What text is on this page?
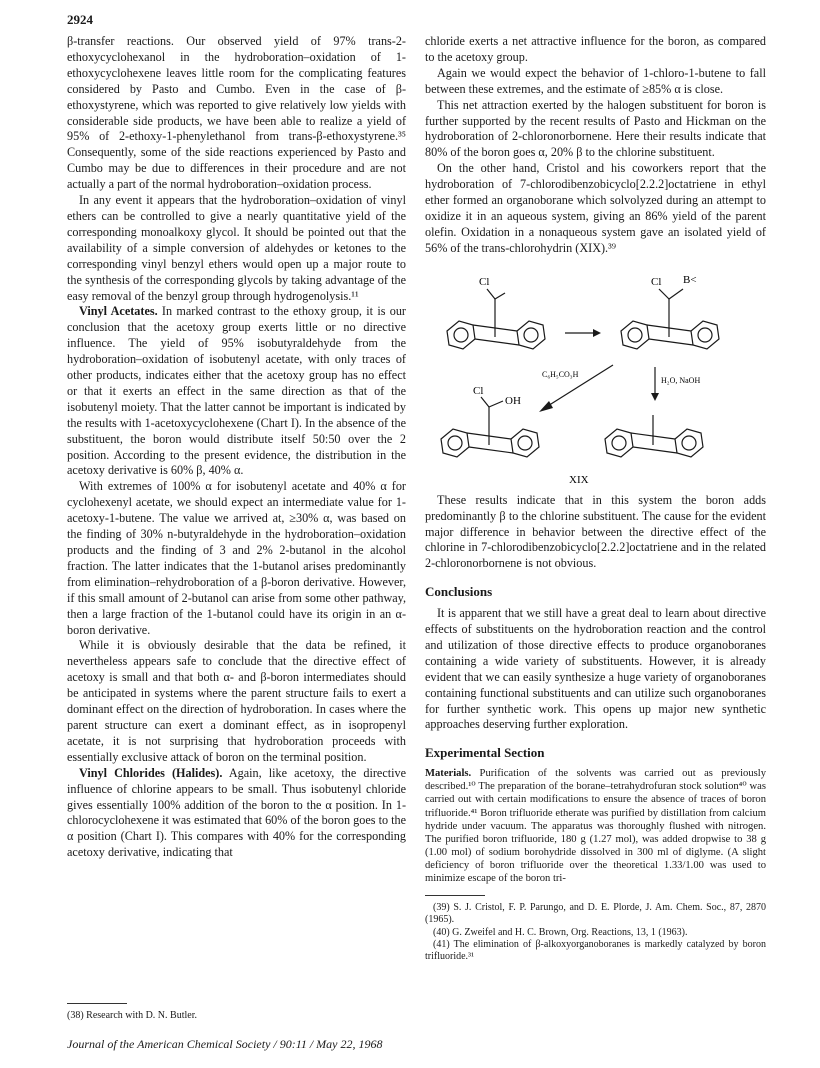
2924

β-transfer reactions. Our observed yield of 97% trans-2-ethoxycyclohexanol in the hydroboration–oxidation of 1-ethoxycyclohexene leaves little room for the complicating features considered by Pasto and Cumbo. Even in the case of β-ethoxystyrene, which was reported to give relatively low yields with considerable side products, we have been able to realize a yield of 95% of 2-ethoxy-1-phenylethanol from trans-β-ethoxystyrene.³⁵ Consequently, some of the side reactions experienced by Pasto and Cumbo may be due to differences in their procedure and are not actually a part of the normal hydroboration–oxidation process.

In any event it appears that the hydroboration–oxidation of vinyl ethers can be controlled to give a nearly quantitative yield of the corresponding monoalkoxy glycol. It should be pointed out that the availability of a simple conversion of aldehydes or ketones to the corresponding vinyl benzyl ethers would open up a major route to the synthesis of the corresponding glycols by taking advantage of the easy removal of the benzyl group through hydrogenolysis.¹¹

Vinyl Acetates. In marked contrast to the ethoxy group, it is our conclusion that the acetoxy group exerts little or no directive influence. The yield of 95% isobutyraldehyde from the hydroboration–oxidation of isobutenyl acetate, with only traces of other products, indicates either that the acetoxy group has no effect or that it exerts an effect in the same direction as that of the isobutenyl moiety. That the latter cannot be important is indicated by the results with 1-acetoxycyclohexene (Chart I). In the absence of the substituent, the boron would distribute itself 50:50 over the 2 position. According to the present evidence, the distribution in the acetoxy derivative is 60% β, 40% α.

With extremes of 100% α for isobutenyl acetate and 40% α for cyclohexenyl acetate, we should expect an intermediate value for 1-acetoxy-1-butene. The value we arrived at, ≥30% α, was based on the finding of 30% n-butyraldehyde in the hydroboration–oxidation products and the finding of 3 and 2% 2-butanol in the alcohol fraction. The latter indicates that the 1-butanol arises predominantly from elimination–rehydroboration of a β-boron derivative. However, if this small amount of 2-butanol can arise from some other pathway, then a large fraction of the 1-butanol could have its origin in an α-boron derivative.

While it is obviously desirable that the data be refined, it nevertheless appears safe to conclude that the directive effect of acetoxy is small and that both α- and β-boron intermediates should be anticipated in systems where the parent structure fails to exert a dominant effect on the direction of hydroboration. In cases where the parent structure can exert a dominant effect, as in isopropenyl acetate, it is not surprising that hydroboration proceeds with essentially exclusive attack of boron on the terminal position.

Vinyl Chlorides (Halides). Again, like acetoxy, the directive influence of chlorine appears to be small. Thus isobutenyl chloride gives essentially 100% addition of the boron to the α position. In 1-chlorocyclohexene it was estimated that 60% of the boron goes to the α position (Chart I). This compares with 40% for the corresponding acetoxy derivative, indicating that

(38) Research with D. N. Butler.

chloride exerts a net attractive influence for the boron, as compared to the acetoxy group.

Again we would expect the behavior of 1-chloro-1-butene to fall between these extremes, and the estimate of ≥85% α is close.

This net attraction exerted by the halogen substituent for boron is further supported by the recent results of Pasto and Hickman on the hydroboration of 2-chloronorbornene. Here their results indicate that 80% of the boron goes α, 20% β to the chlorine substituent.

On the other hand, Cristol and his coworkers report that the hydroboration of 7-chlorodibenzobicyclo[2.2.2]octatriene in ethyl ether formed an organoborane which solvolyzed during an attempt to oxidize it in an aqueous system, giving an 86% yield of the parent olefin. Oxidation in a nonaqueous system gave an isolated yield of 56% of the trans-chlorohydrin (XIX).³⁹

Cl	Cl B<
C₆H₅CO₃H
H₂O, NaOH
Cl
OH
XIX

These results indicate that in this system the boron adds predominantly β to the chlorine substituent. The cause for the evident major difference in behavior between the directive effect of the chlorine in 7-chlorodibenzobicyclo[2.2.2]octatriene and in the related 2-chloronorbornene is not obvious.

Conclusions

It is apparent that we still have a great deal to learn about directive effects of substituents on the hydroboration reaction and the control and utilization of those directive effects to produce organoboranes containing a wide variety of substituents. However, it is already evident that we can easily synthesize a huge variety of organoboranes containing functional substituents and can utilize such organoboranes for further synthetic work. This opens up major new synthetic approaches deserving further exploration.

Experimental Section

Materials. Purification of the solvents was carried out as previously described.¹⁰ The preparation of the borane–tetrahydrofuran stock solution⁴⁰ was carried out with certain modifications to ensure the absence of traces of boron trifluoride.⁴¹ Boron trifluoride etherate was purified by distillation from calcium hydride under vacuum. The apparatus was thoroughly flushed with nitrogen. The purified boron trifluoride, 180 g (1.27 mol), was added dropwise to 38 g (1.00 mol) of sodium borohydride dissolved in 300 ml of diglyme. (A slight deficiency of boron trifluoride over the theoretical 1.33/1.00 was used to minimize escape of the boron tri-

(39) S. J. Cristol, F. P. Parungo, and D. E. Plorde, J. Am. Chem. Soc., 87, 2870 (1965).

(40) G. Zweifel and H. C. Brown, Org. Reactions, 13, 1 (1963).

(41) The elimination of β-alkoxyorganoboranes is markedly catalyzed by boron trifluoride.³¹

Journal of the American Chemical Society / 90:11 / May 22, 1968
